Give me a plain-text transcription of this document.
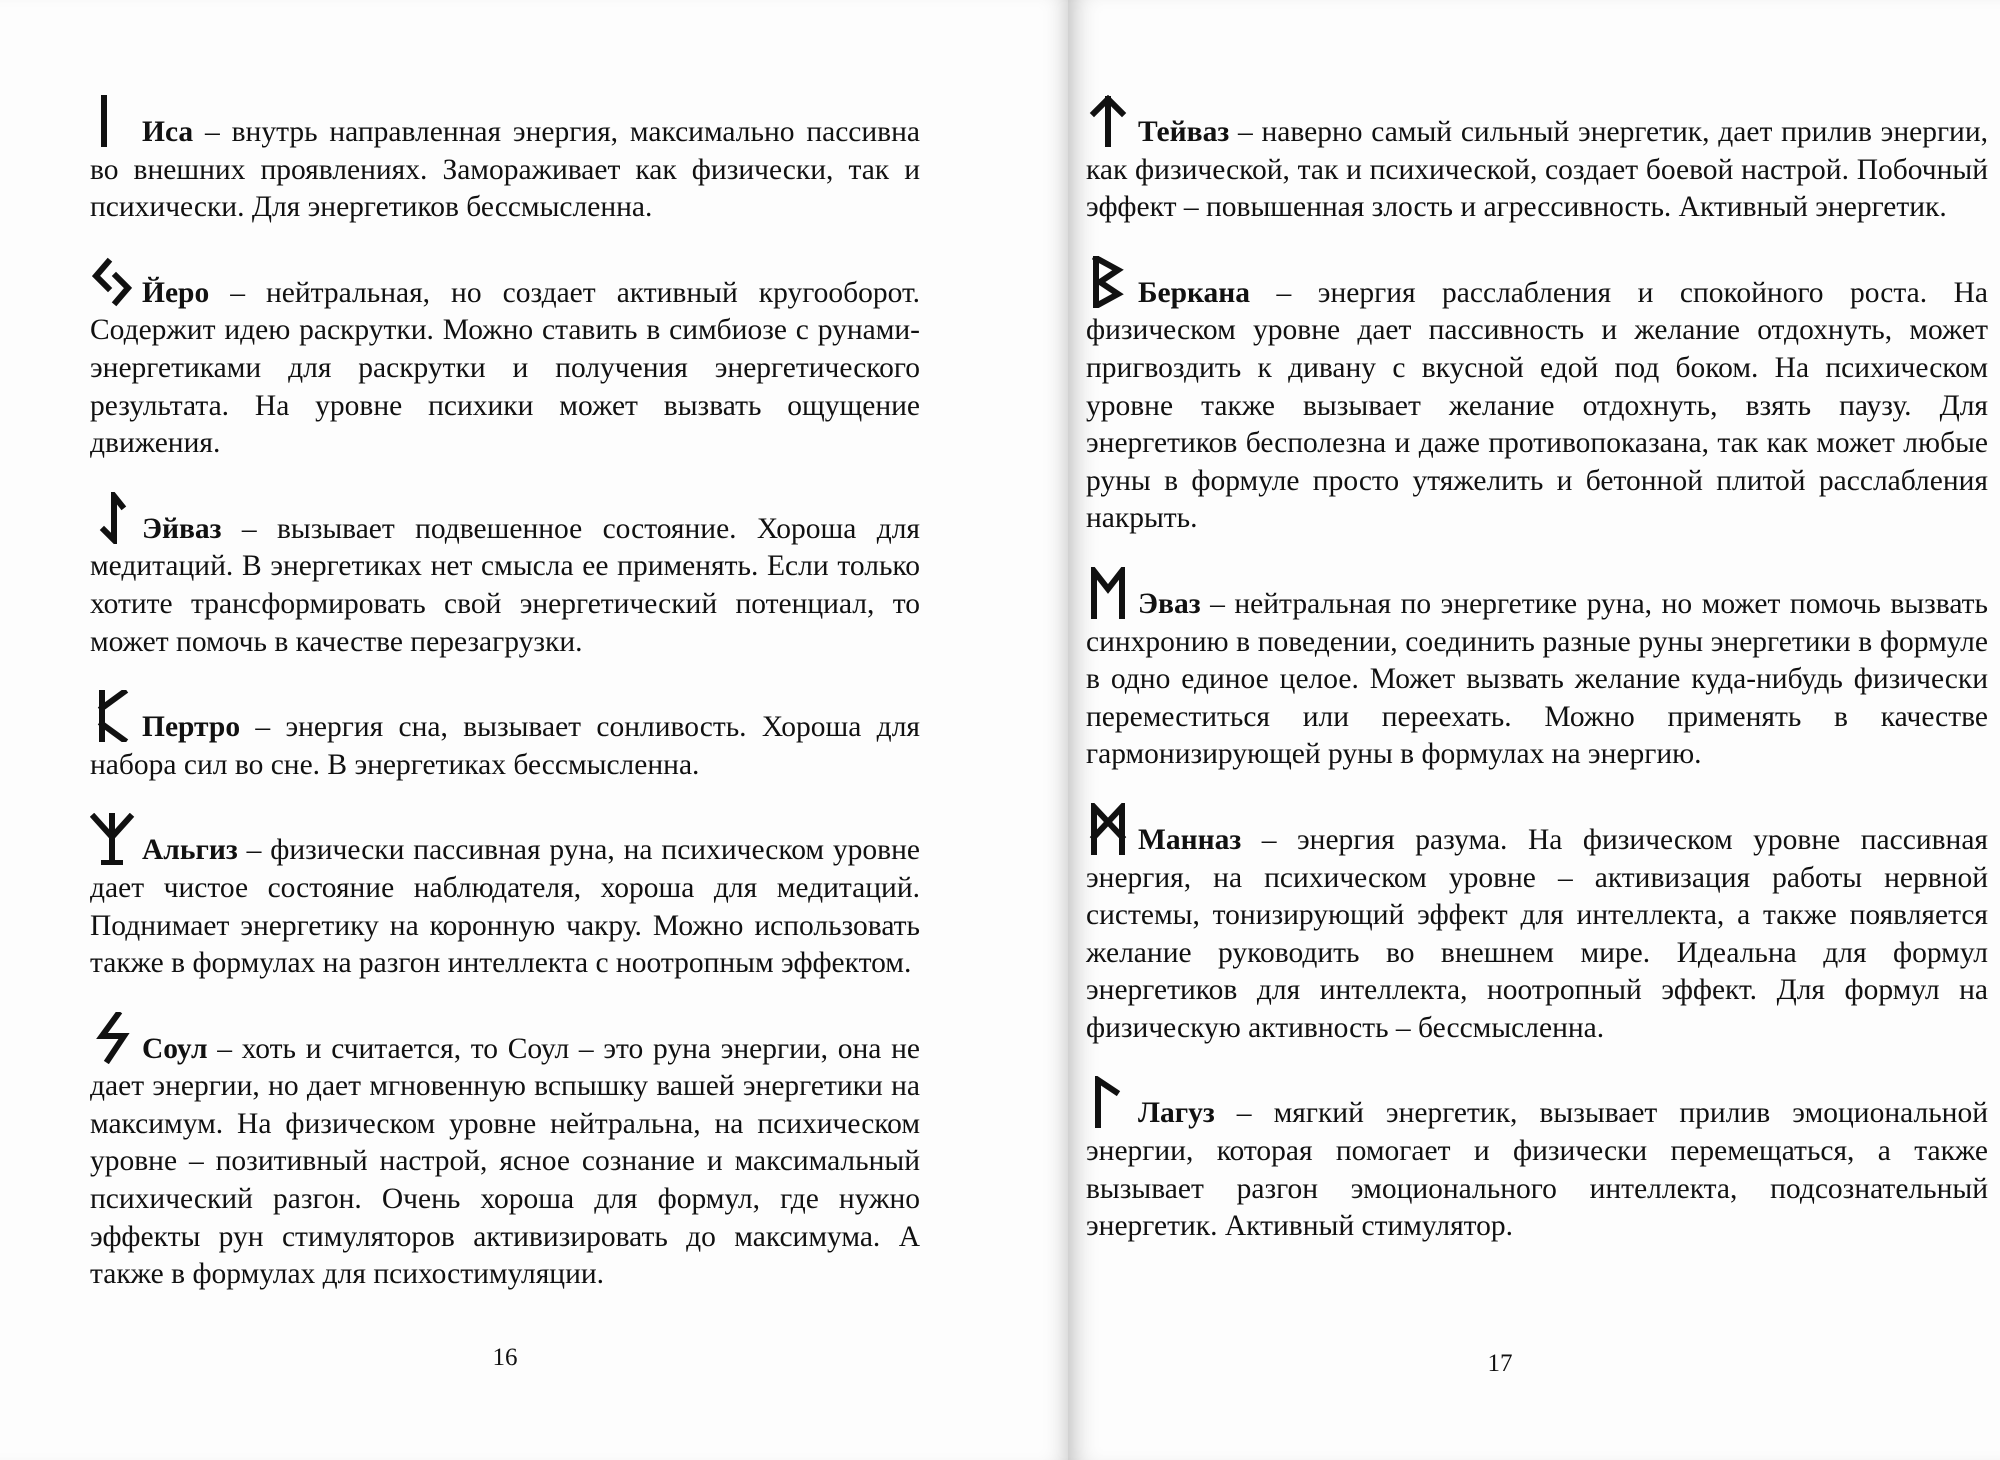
Иса – внутрь направленная энергия, максимально пассивна во внешних проявлениях. Замораживает как физически, так и психически. Для энергетиков бессмысленна.

Йеро – нейтральная, но создает активный кругооборот. Содержит идею раскрутки. Можно ставить в симбиозе с рунами-энергетиками для раскрутки и получения энергетического результата. На уровне психики может вызвать ощущение движения.

Эйваз – вызывает подвешенное состояние. Хороша для медитаций. В энергетиках нет смысла ее применять. Если только хотите трансформировать свой энергетический потенциал, то может помочь в качестве перезагрузки.

Пертро – энергия сна, вызывает сонливость. Хороша для набора сил во сне. В энергетиках бессмысленна.

Альгиз – физически пассивная руна, на психическом уровне дает чистое состояние наблюдателя, хороша для медитаций. Поднимает энергетику на коронную чакру. Можно использовать также в формулах на разгон интеллекта с ноотропным эффектом.

Соул – хоть и считается, то Соул – это руна энергии, она не дает энергии, но дает мгновенную вспышку вашей энергетики на максимум. На физическом уровне нейтральна, на психическом уровне – позитивный настрой, ясное сознание и максимальный психический разгон. Очень хороша для формул, где нужно эффекты рун стимуляторов активизировать до максимума. А также в формулах для психостимуляции.

16

Тейваз – наверно самый сильный энергетик, дает прилив энергии, как физической, так и психической, создает боевой настрой. Побочный эффект – повышенная злость и агрессивность. Активный энергетик.

Беркана – энергия расслабления и спокойного роста. На физическом уровне дает пассивность и желание отдохнуть, может пригвоздить к дивану с вкусной едой под боком. На психическом уровне также вызывает желание отдохнуть, взять паузу. Для энергетиков бесполезна и даже противопоказана, так как может любые руны в формуле просто утяжелить и бетонной плитой расслабления накрыть.

Эваз – нейтральная по энергетике руна, но может помочь вызвать синхронию в поведении, соединить разные руны энергетики в формуле в одно единое целое. Может вызвать желание куда-нибудь физически переместиться или переехать. Можно применять в качестве гармонизирующей руны в формулах на энергию.

Манназ – энергия разума. На физическом уровне пассивная энергия, на психическом уровне – активизация работы нервной системы, тонизирующий эффект для интеллекта, а также появляется желание руководить во внешнем мире. Идеальна для формул энергетиков для интеллекта, ноотропный эффект. Для формул на физическую активность – бессмысленна.

Лагуз – мягкий энергетик, вызывает прилив эмоциональной энергии, которая помогает и физически перемещаться, а также вызывает разгон эмоционального интеллекта, подсознательный энергетик. Активный стимулятор.

17
